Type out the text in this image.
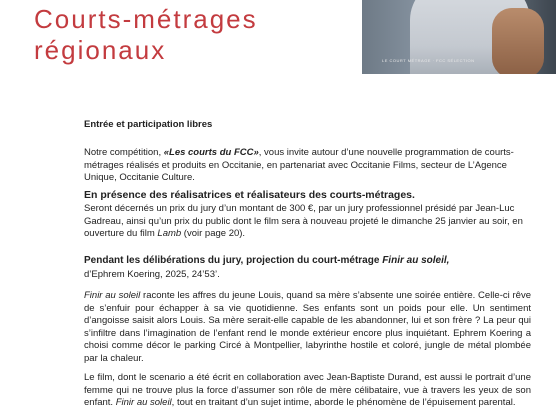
Courts-métrages
régionaux	LE COURT MÉTRAGE · FCC SÉLECTION

Entrée et participation libres

Notre compétition, «Les courts du FCC», vous invite autour d’une nouvelle programmation de courts- métrages réalisés et produits en Occitanie, en partenariat avec Occitanie Films, secteur de L’Agence Unique, Occitanie Culture.

En présence des réalisatrices et réalisateurs des courts-métrages.

Seront décernés un prix du jury d’un montant de 300 €, par un jury professionnel présidé par Jean-Luc Gadreau, ainsi qu’un prix du public dont le film sera à nouveau projeté le dimanche 25 janvier au soir, en ouverture du film Lamb (voir page 20).

Pendant les délibérations du jury, projection du court-métrage Finir au soleil,

d’Ephrem Koering, 2025, 24’53’.

Finir au soleil raconte les affres du jeune Louis, quand sa mère s’absente une soirée entière. Celle-ci rêve de s’enfuir pour échapper à sa vie quotidienne. Ses enfants sont un poids pour elle. Un sentiment d’angoisse saisit alors Louis. Sa mère serait-elle capable de les abandonner, lui et son frère ? La peur qui s’infiltre dans l’imagination de l’enfant rend le monde extérieur encore plus inquiétant. Ephrem Koering a choisi comme décor le parking Circé à Montpellier, labyrinthe hostile et coloré, jungle de métal plombée par la chaleur.

Le film, dont le scenario a été écrit en collaboration avec Jean-Baptiste Durand, est aussi le portrait d’une femme qui ne trouve plus la force d’assumer son rôle de mère célibataire, vue à travers les yeux de son enfant. Finir au soleil, tout en traitant d’un sujet intime, aborde le phénomène de l’épuisement parental.
